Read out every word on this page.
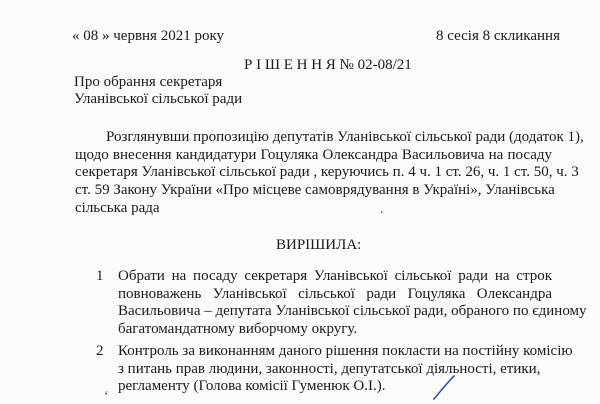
« 08 » червня 2021 року	8 сесія 8 скликання
Р І Ш Е Н Н Я № 02-08/21
Про обрання секретаря
Уланівської сільської ради
Розглянувши пропозицію депутатів Уланівської сільської ради (додаток 1),
щодо внесення кандидатури Гоцуляка Олександра Васильовича на посаду
секретаря Уланівської сільської ради , керуючись п. 4 ч. 1 ст. 26, ч. 1 ст. 50, ч. 3
ст. 59 Закону України «Про місцеве самоврядування в Україні», Уланівська
сільська рада	.
ВИРІШИЛА:
1 Обрати на посаду секретаря Уланівської сільської ради на строк
повноважень Уланівської сільської ради Гоцуляка Олександра
Васильовича – депутата Уланівської сільської ради, обраного по єдиному
багатомандатному виборчому округу.
2 Контроль за виконанням даного рішення покласти на постійну комісію
з питань прав людини, законності, депутатської діяльності, етики,
регламенту (Голова комісії Гуменюк О.І.).
‘
